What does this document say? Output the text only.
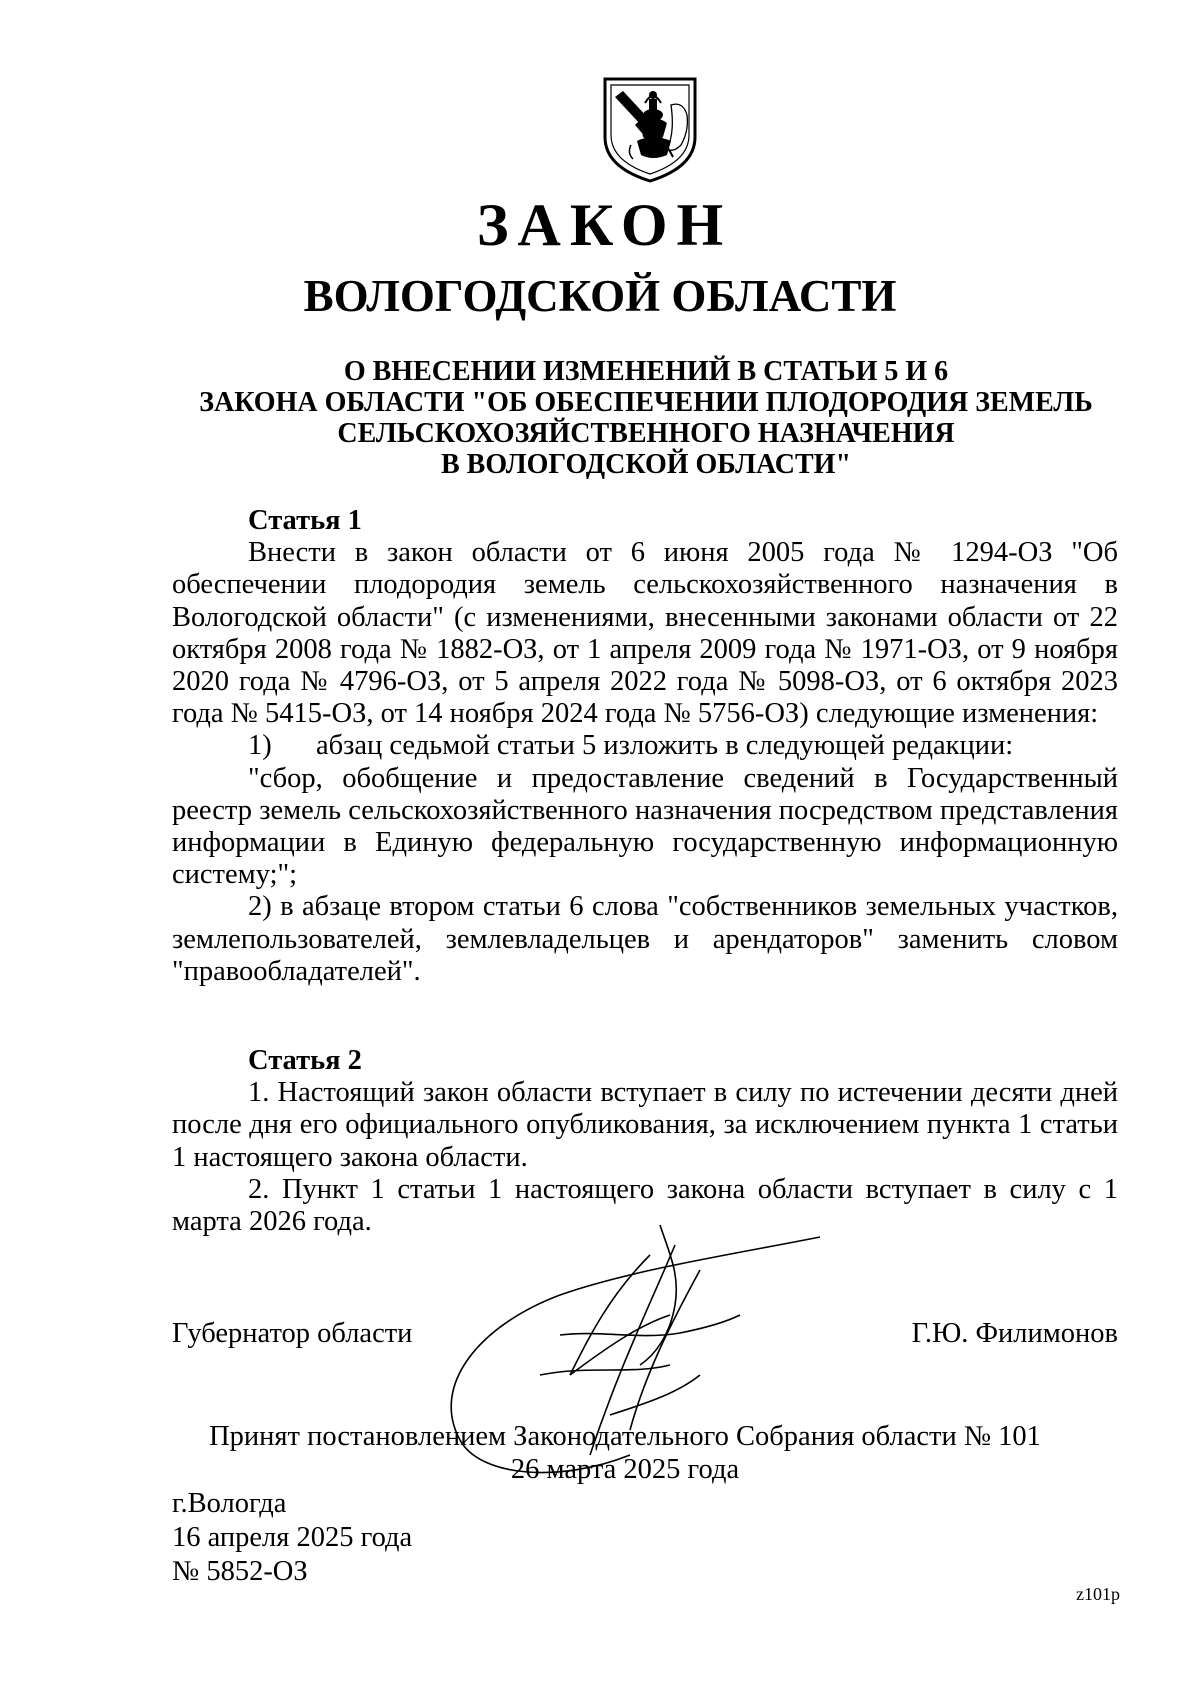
ЗАКОН
ВОЛОГОДСКОЙ ОБЛАСТИ
О ВНЕСЕНИИ ИЗМЕНЕНИЙ В СТАТЬИ 5 И 6
ЗАКОНА ОБЛАСТИ "ОБ ОБЕСПЕЧЕНИИ ПЛОДОРОДИЯ ЗЕМЕЛЬ
СЕЛЬСКОХОЗЯЙСТВЕННОГО НАЗНАЧЕНИЯ
В ВОЛОГОДСКОЙ ОБЛАСТИ"
Статья 1

Внести в закон области от 6 июня 2005 года № 1294-ОЗ "Об обеспечении плодородия земель сельскохозяйственного назначения в Вологодской области" (с изменениями, внесенными законами области от 22 октября 2008 года № 1882-ОЗ, от 1 апреля 2009 года № 1971-ОЗ, от 9 ноября 2020 года № 4796-ОЗ, от 5 апреля 2022 года № 5098-ОЗ, от 6 октября 2023 года № 5415-ОЗ, от 14 ноября 2024 года № 5756-ОЗ) следующие изменения:

1) абзац седьмой статьи 5 изложить в следующей редакции:

"сбор, обобщение и предоставление сведений в Государственный реестр земель сельскохозяйственного назначения посредством представления информации в Единую федеральную государственную информационную систему;";

2) в абзаце втором статьи 6 слова "собственников земельных участков, землепользователей, землевладельцев и арендаторов" заменить словом "правообладателей".

Статья 2

1. Настоящий закон области вступает в силу по истечении десяти дней после дня его официального опубликования, за исключением пункта 1 статьи 1 настоящего закона области.

2. Пункт 1 статьи 1 настоящего закона области вступает в силу с 1 марта 2026 года.

Губернатор области	Г.Ю. Филимонов
Принят постановлением Законодательного Собрания области № 101
26 марта 2025 года
г.Вологда
16 апреля 2025 года
№ 5852-ОЗ
z101p
